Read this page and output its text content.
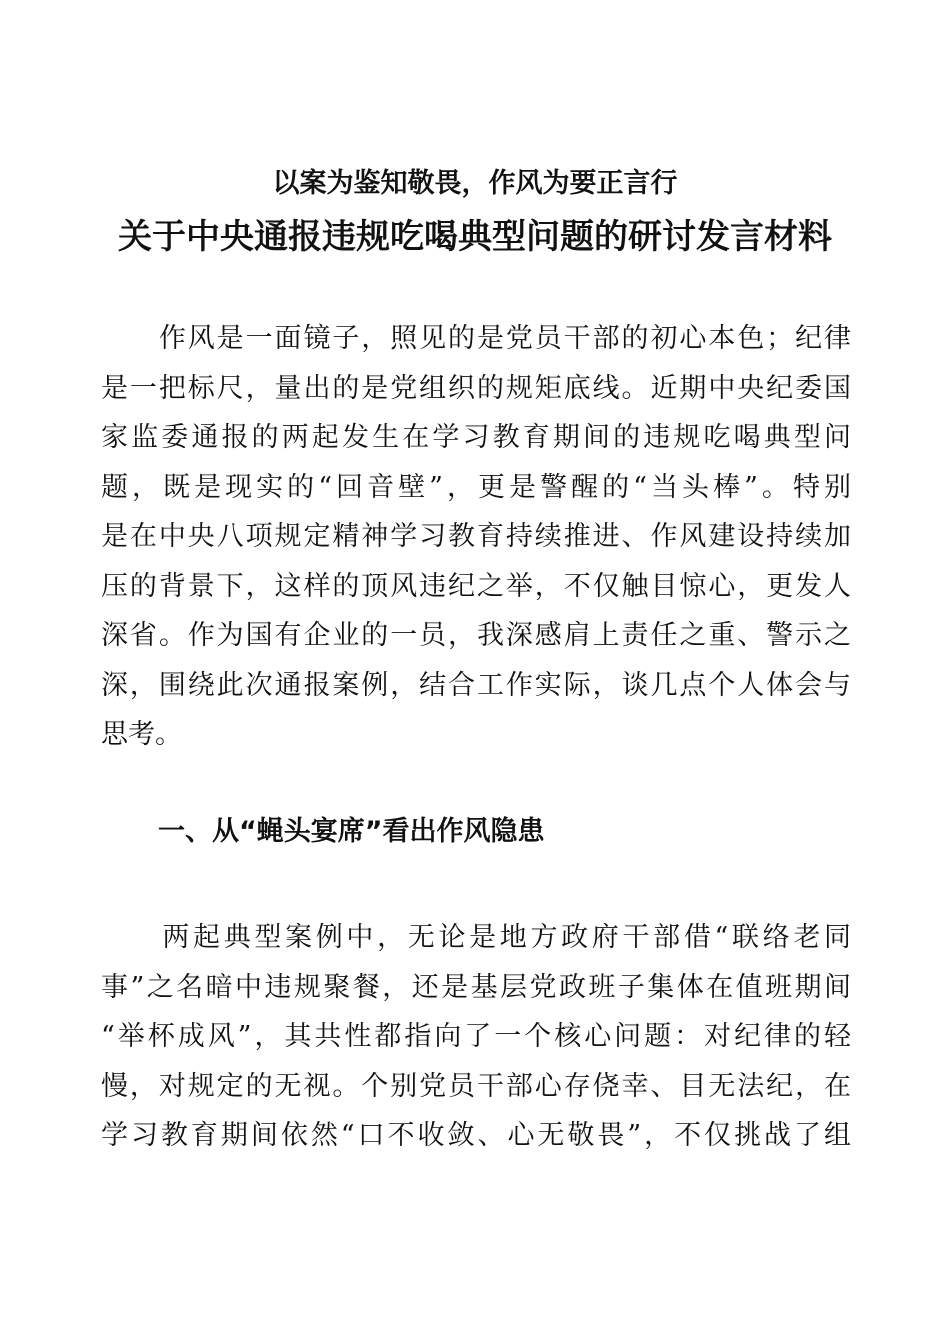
以案为鉴知敬畏，作风为要正言行
关于中央通报违规吃喝典型问题的研讨发言材料
　　作风是一面镜子，照见的是党员干部的初心本色；纪律
是一把标尺，量出的是党组织的规矩底线。近期中央纪委国
家监委通报的两起发生在学习教育期间的违规吃喝典型问
题，既是现实的“回音壁”，更是警醒的“当头棒”。特别
是在中央八项规定精神学习教育持续推进、作风建设持续加
压的背景下，这样的顶风违纪之举，不仅触目惊心，更发人
深省。作为国有企业的一员，我深感肩上责任之重、警示之
深，围绕此次通报案例，结合工作实际，谈几点个人体会与
思考。
一、从“蝇头宴席”看出作风隐患
　　两起典型案例中，无论是地方政府干部借“联络老同
事”之名暗中违规聚餐，还是基层党政班子集体在值班期间
“举杯成风”，其共性都指向了一个核心问题：对纪律的轻
慢，对规定的无视。个别党员干部心存侥幸、目无法纪，在
学习教育期间依然“口不收敛、心无敬畏”，不仅挑战了组
